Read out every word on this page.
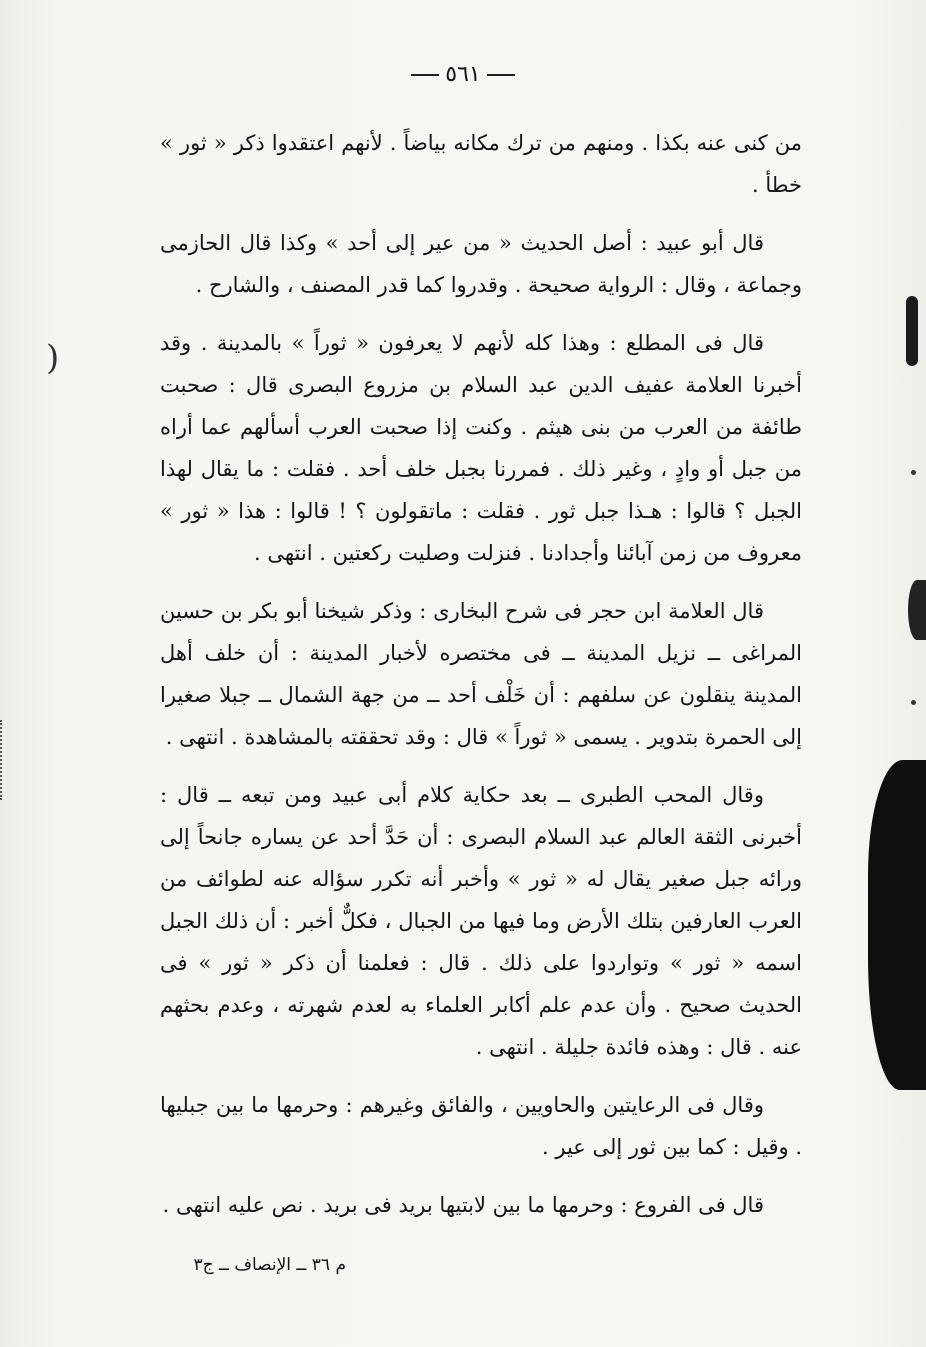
٥٦١

من كنى عنه بكذا . ومنهم من ترك مكانه بياضاً . لأنهم اعتقدوا ذكر « ثور » خطأ .

قال أبو عبيد : أصل الحديث « من عير إلى أحد » وكذا قال الحازمى وجماعة ، وقال : الرواية صحيحة . وقدروا كما قدر المصنف ، والشارح .

قال فى المطلع : وهذا كله لأنهم لا يعرفون « ثوراً » بالمدينة . وقد أخبرنا العلامة عفيف الدين عبد السلام بن مزروع البصرى قال : صحبت طائفة من العرب من بنى هيثم . وكنت إذا صحبت العرب أسألهم عما أراه من جبل أو وادٍ ، وغير ذلك . فمررنا بجبل خلف أحد . فقلت : ما يقال لهذا الجبل ؟ قالوا : هـذا جبل ثور . فقلت : ماتقولون ؟ ! قالوا : هذا « ثور » معروف من زمن آبائنا وأجدادنا . فنزلت وصليت ركعتين . انتهى .

قال العلامة ابن حجر فى شرح البخارى : وذكر شيخنا أبو بكر بن حسين المراغى ــ نزيل المدينة ــ فى مختصره لأخبار المدينة : أن خلف أهل المدينة ينقلون عن سلفهم : أن خَلْف أحد ــ من جهة الشمال ــ جبلا صغيرا إلى الحمرة بتدوير . يسمى « ثوراً » قال : وقد تحققته بالمشاهدة . انتهى .

وقال المحب الطبرى ــ بعد حكاية كلام أبى عبيد ومن تبعه ــ قال : أخبرنى الثقة العالم عبد السلام البصرى : أن حَدَّ أحد عن يساره جانحاً إلى ورائه جبل صغير يقال له « ثور » وأخبر أنه تكرر سؤاله عنه لطوائف من العرب العارفين بتلك الأرض وما فيها من الجبال ، فكلٌّ أخبر : أن ذلك الجبل اسمه « ثور » وتواردوا على ذلك . قال : فعلمنا أن ذكر « ثور » فى الحديث صحيح . وأن عدم علم أكابر العلماء به لعدم شهرته ، وعدم بحثهم عنه . قال : وهذه فائدة جليلة . انتهى .

وقال فى الرعايتين والحاويين ، والفائق وغيرهم : وحرمها ما بين جبليها . وقيل : كما بين ثور إلى عير .

قال فى الفروع : وحرمها ما بين لابتيها بريد فى بريد . نص عليه انتهى .

م ٣٦ ــ الإنصاف ــ ج٣
(
